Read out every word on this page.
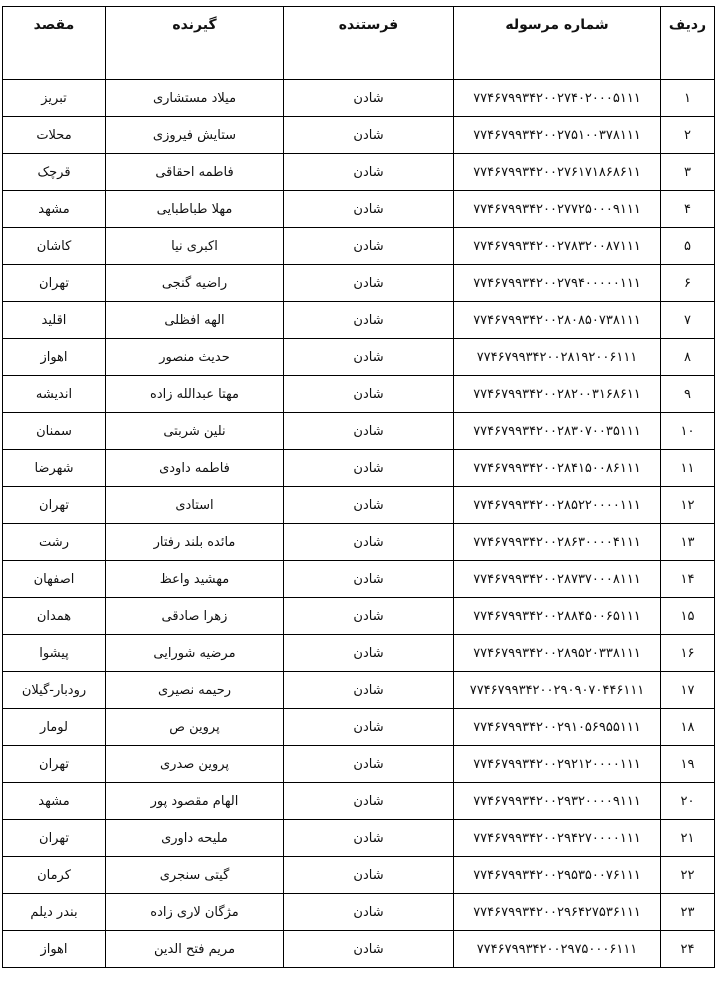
ردیف	شماره مرسوله	فرستنده	گیرنده	مقصد
۱	۷۷۴۶۷۹۹۳۴۲۰۰۲۷۴۰۲۰۰۰۵۱۱۱	شادن	میلاد مستشاری	تبریز
۲	۷۷۴۶۷۹۹۳۴۲۰۰۲۷۵۱۰۰۳۷۸۱۱۱	شادن	ستایش فیروزی	محلات
۳	۷۷۴۶۷۹۹۳۴۲۰۰۲۷۶۱۷۱۸۶۸۶۱۱	شادن	فاطمه احقاقی	قرچک
۴	۷۷۴۶۷۹۹۳۴۲۰۰۲۷۷۲۵۰۰۰۹۱۱۱	شادن	مهلا طباطبایی	مشهد
۵	۷۷۴۶۷۹۹۳۴۲۰۰۲۷۸۳۲۰۰۸۷۱۱۱	شادن	اکبری نیا	کاشان
۶	۷۷۴۶۷۹۹۳۴۲۰۰۲۷۹۴۰۰۰۰۰۱۱۱	شادن	راضیه گنجی	تهران
۷	۷۷۴۶۷۹۹۳۴۲۰۰۲۸۰۸۵۰۷۳۸۱۱۱	شادن	الهه افظلی	اقلید
۸	۷۷۴۶۷۹۹۳۴۲۰۰۲۸۱۹۲۰۰۶۱۱۱	شادن	حدیث منصور	اهواز
۹	۷۷۴۶۷۹۹۳۴۲۰۰۲۸۲۰۰۳۱۶۸۶۱۱	شادن	مهتا عبدالله زاده	اندیشه
۱۰	۷۷۴۶۷۹۹۳۴۲۰۰۲۸۳۰۷۰۰۳۵۱۱۱	شادن	نلین شربتی	سمنان
۱۱	۷۷۴۶۷۹۹۳۴۲۰۰۲۸۴۱۵۰۰۸۶۱۱۱	شادن	فاطمه داودی	شهرضا
۱۲	۷۷۴۶۷۹۹۳۴۲۰۰۲۸۵۲۲۰۰۰۰۱۱۱	شادن	استادی	تهران
۱۳	۷۷۴۶۷۹۹۳۴۲۰۰۲۸۶۳۰۰۰۰۴۱۱۱	شادن	مائده بلند رفتار	رشت
۱۴	۷۷۴۶۷۹۹۳۴۲۰۰۲۸۷۳۷۰۰۰۸۱۱۱	شادن	مهشید واعظ	اصفهان
۱۵	۷۷۴۶۷۹۹۳۴۲۰۰۲۸۸۴۵۰۰۶۵۱۱۱	شادن	زهرا صادقی	همدان
۱۶	۷۷۴۶۷۹۹۳۴۲۰۰۲۸۹۵۲۰۳۳۸۱۱۱	شادن	مرضیه شورایی	پیشوا
۱۷	۷۷۴۶۷۹۹۳۴۲۰۰۲۹۰۹۰۷۰۴۴۶۱۱۱	شادن	رحیمه نصیری	رودبار-گیلان
۱۸	۷۷۴۶۷۹۹۳۴۲۰۰۲۹۱۰۵۶۹۵۵۱۱۱	شادن	پروین ص	لومار
۱۹	۷۷۴۶۷۹۹۳۴۲۰۰۲۹۲۱۲۰۰۰۰۱۱۱	شادن	پروین صدری	تهران
۲۰	۷۷۴۶۷۹۹۳۴۲۰۰۲۹۳۲۰۰۰۰۹۱۱۱	شادن	الهام مقصود پور	مشهد
۲۱	۷۷۴۶۷۹۹۳۴۲۰۰۲۹۴۲۷۰۰۰۰۱۱۱	شادن	ملیحه داوری	تهران
۲۲	۷۷۴۶۷۹۹۳۴۲۰۰۲۹۵۳۵۰۰۷۶۱۱۱	شادن	گیتی سنجری	کرمان
۲۳	۷۷۴۶۷۹۹۳۴۲۰۰۲۹۶۴۲۷۵۳۶۱۱۱	شادن	مژگان لاری زاده	بندر دیلم
۲۴	۷۷۴۶۷۹۹۳۴۲۰۰۲۹۷۵۰۰۰۶۱۱۱	شادن	مریم فتح الدین	اهواز
